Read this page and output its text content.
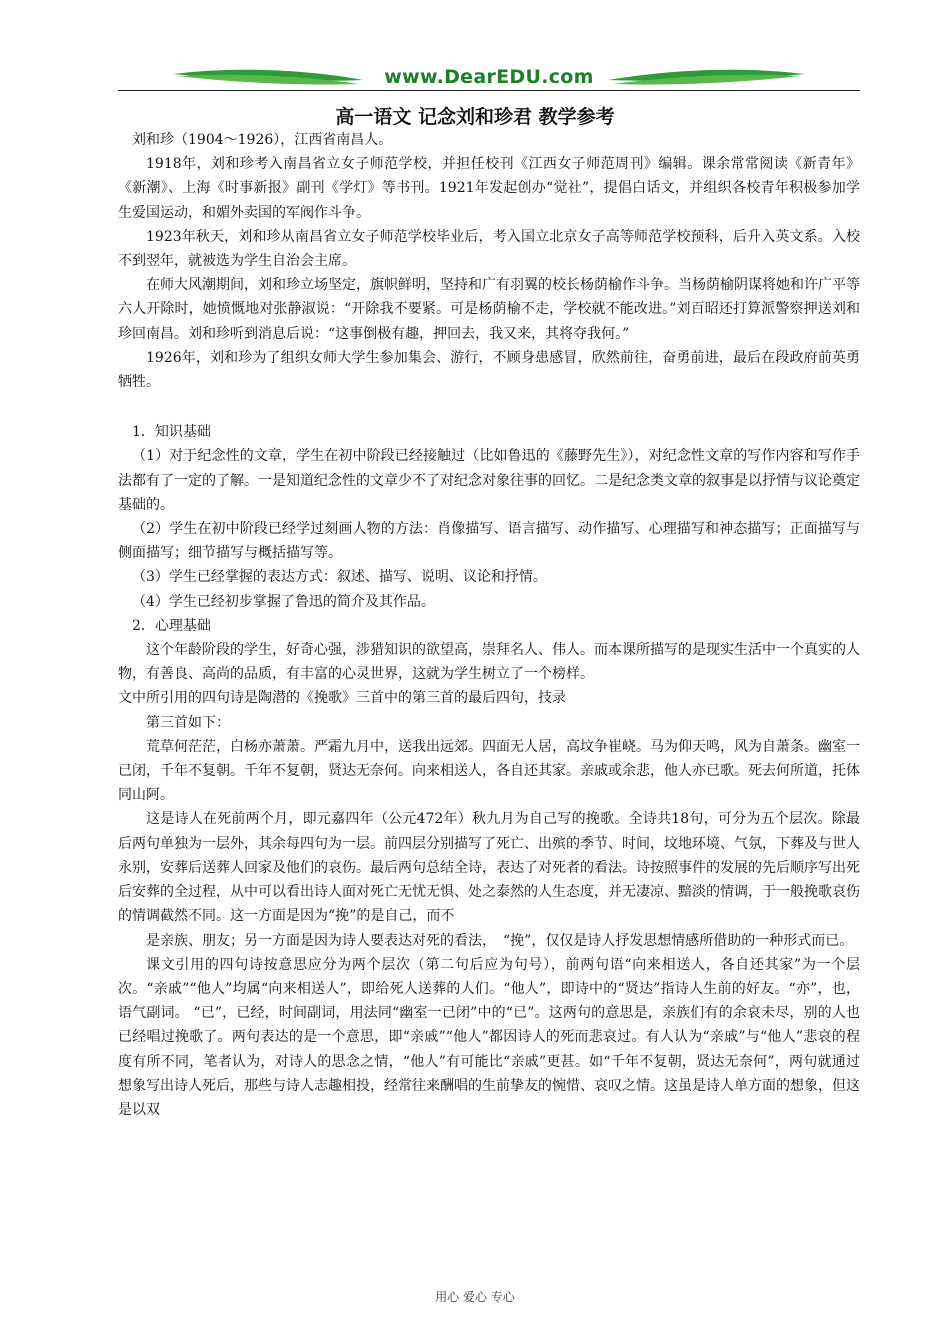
www.DearEDU.com
高一语文 记念刘和珍君 教学参考

刘和珍（1904～1926），江西省南昌人。

1918年，刘和珍考入南昌省立女子师范学校，并担任校刊《江西女子师范周刊》编辑。课余常常阅读《新青年》《新潮》、上海《时事新报》副刊《学灯》等书刊。1921年发起创办“觉社”，提倡白话文，并组织各校青年积极参加学生爱国运动，和媚外卖国的军阀作斗争。

1923年秋天，刘和珍从南昌省立女子师范学校毕业后，考入国立北京女子高等师范学校预科，后升入英文系。入校不到翌年，就被选为学生自治会主席。

在师大风潮期间，刘和珍立场坚定，旗帜鲜明，坚持和广有羽翼的校长杨荫榆作斗争。当杨荫榆阴谋将她和许广平等六人开除时，她愤慨地对张静淑说：“开除我不要紧。可是杨荫榆不走，学校就不能改进。”刘百昭还打算派警察押送刘和珍回南昌。刘和珍听到消息后说：“这事倒极有趣，押回去，我又来，其将夺我何。”

1926年，刘和珍为了组织女师大学生参加集会、游行，不顾身患感冒，欣然前往，奋勇前进，最后在段政府前英勇牺牲。

1．知识基础

（1）对于纪念性的文章，学生在初中阶段已经接触过（比如鲁迅的《藤野先生》），对纪念性文章的写作内容和写作手法都有了一定的了解。一是知道纪念性的文章少不了对纪念对象往事的回忆。二是纪念类文章的叙事是以抒情与议论奠定基础的。

（2）学生在初中阶段已经学过刻画人物的方法：肖像描写、语言描写、动作描写、心理描写和神态描写；正面描写与侧面描写；细节描写与概括描写等。

（3）学生已经掌握的表达方式：叙述、描写、说明、议论和抒情。

（4）学生已经初步掌握了鲁迅的简介及其作品。

2．心理基础

这个年龄阶段的学生，好奇心强，涉猎知识的欲望高，崇拜名人、伟人。而本课所描写的是现实生活中一个真实的人物，有善良、高尚的品质，有丰富的心灵世界，这就为学生树立了一个榜样。

文中所引用的四句诗是陶潜的《挽歌》三首中的第三首的最后四句，技录

第三首如下：

荒草何茫茫，白杨亦萧萧。严霜九月中，送我出远郊。四面无人居，高坟争崔峣。马为仰天鸣，风为自萧条。幽室一已闭，千年不复朝。千年不复朝，贤达无奈何。向来相送人，各自还其家。亲戚或余悲，他人亦已歌。死去何所道，托体同山阿。

这是诗人在死前两个月，即元嘉四年（公元472年）秋九月为自己写的挽歌。全诗共18句，可分为五个层次。除最后两句单独为一层外，其余每四句为一层。前四层分别描写了死亡、出殡的季节、时间，坟地环境、气氛，下葬及与世人永别，安葬后送葬人回家及他们的哀伤。最后两句总结全诗，表达了对死者的看法。诗按照事件的发展的先后顺序写出死后安葬的全过程，从中可以看出诗人面对死亡无忧无惧、处之泰然的人生态度，并无凄凉、黯淡的情调，于一般挽歌哀伤的情调截然不同。这一方面是因为“挽”的是自己，而不

是亲族、朋友；另一方面是因为诗人要表达对死的看法，　“挽”，仅仅是诗人抒发思想情感所借助的一种形式而已。

课文引用的四句诗按意思应分为两个层次（第二句后应为句号），前两句语“向来相送人，各自还其家”为一个层次。“亲戚”“他人”均属“向来相送人”，即给死人送葬的人们。“他人”，即诗中的“贤达”指诗人生前的好友。“亦”，也，语气副词。 “已”，已经，时间副词，用法同“幽室一已闭”中的“已”。这两句的意思是，亲族们有的余哀未尽，别的人也已经唱过挽歌了。两句表达的是一个意思，即“亲戚”“他人”都因诗人的死而悲哀过。有人认为“亲戚”与“他人”悲哀的程度有所不同，笔者认为，对诗人的思念之情，“他人”有可能比“亲戚”更甚。如“千年不复朝，贤达无奈何”，两句就通过想象写出诗人死后，那些与诗人志趣相投，经常往来酬唱的生前挚友的惋惜、哀叹之情。这虽是诗人单方面的想象，但这是以双

用心 爱心 专心
